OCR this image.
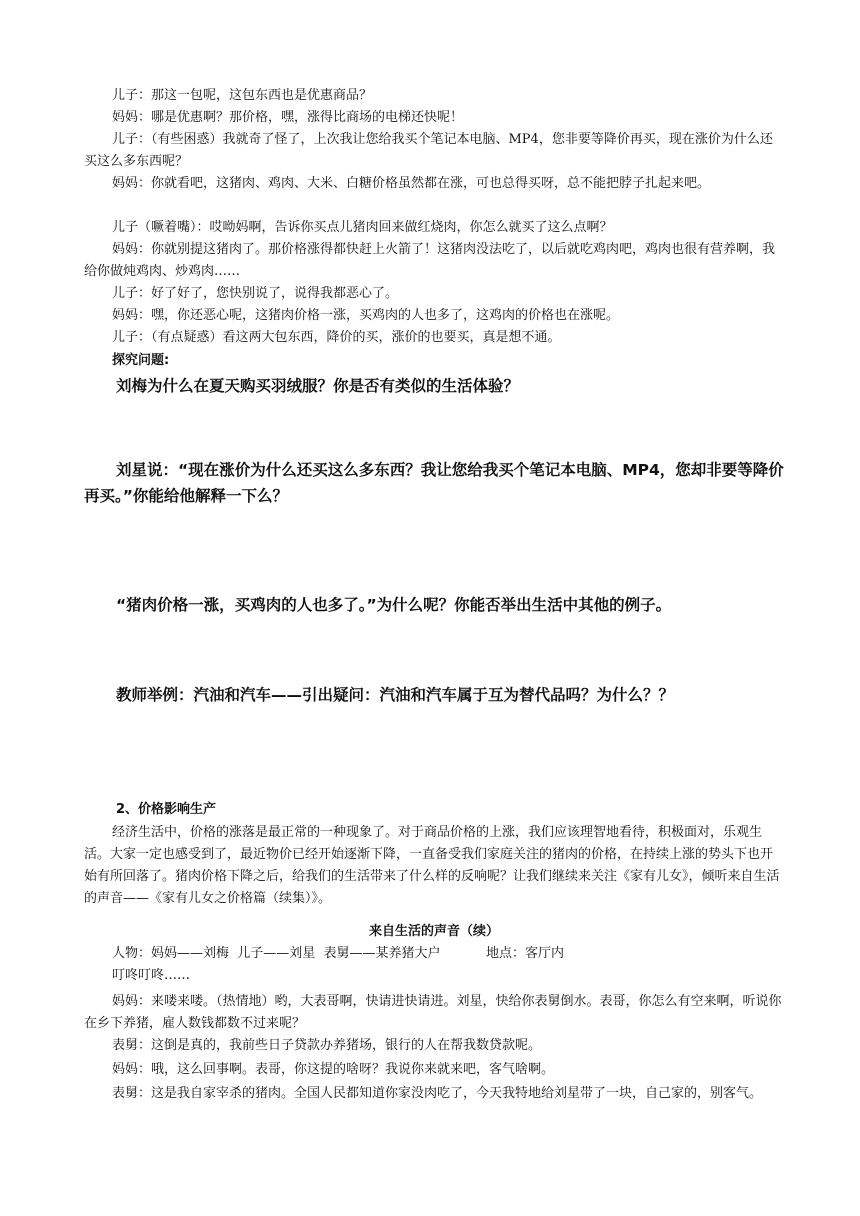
儿子：那这一包呢，这包东西也是优惠商品？

妈妈：哪是优惠啊？那价格，嘿，涨得比商场的电梯还快呢！

儿子：（有些困惑）我就奇了怪了，上次我让您给我买个笔记本电脑、MP4，您非要等降价再买，现在涨价为什么还买这么多东西呢？

妈妈：你就看吧，这猪肉、鸡肉、大米、白糖价格虽然都在涨，可也总得买呀，总不能把脖子扎起来吧。

儿子（噘着嘴）：哎呦妈啊，告诉你买点儿猪肉回来做红烧肉，你怎么就买了这么点啊？

妈妈：你就别提这猪肉了。那价格涨得都快赶上火箭了！这猪肉没法吃了，以后就吃鸡肉吧，鸡肉也很有营养啊，我给你做炖鸡肉、炒鸡肉……

儿子：好了好了，您快别说了，说得我都恶心了。

妈妈：嘿，你还恶心呢，这猪肉价格一涨，买鸡肉的人也多了，这鸡肉的价格也在涨呢。

儿子：（有点疑惑）看这两大包东西，降价的买，涨价的也要买，真是想不通。

探究问题:

刘梅为什么在夏天购买羽绒服？你是否有类似的生活体验？

刘星说：“现在涨价为什么还买这么多东西？我让您给我买个笔记本电脑、MP4，您却非要等降价再买。”你能给他解释一下么？

“猪肉价格一涨，买鸡肉的人也多了。”为什么呢？你能否举出生活中其他的例子。

教师举例：汽油和汽车——引出疑问：汽油和汽车属于互为替代品吗？为什么？？

2、价格影响生产

经济生活中，价格的涨落是最正常的一种现象了。对于商品价格的上涨，我们应该理智地看待，积极面对，乐观生活。大家一定也感受到了，最近物价已经开始逐渐下降，一直备受我们家庭关注的猪肉的价格，在持续上涨的势头下也开始有所回落了。猪肉价格下降之后，给我们的生活带来了什么样的反响呢？让我们继续来关注《家有儿女》，倾听来自生活的声音——《家有儿女之价格篇（续集）》。

来自生活的声音（续）

人物：妈妈——刘梅  儿子——刘星  表舅——某养猪大户           地点：客厅内

叮咚叮咚……

妈妈：来喽来喽。（热情地）哟，大表哥啊，快请进快请进。刘星，快给你表舅倒水。表哥，你怎么有空来啊，听说你在乡下养猪，雇人数钱都数不过来呢？

表舅：这倒是真的，我前些日子贷款办养猪场，银行的人在帮我数贷款呢。

妈妈：哦，这么回事啊。表哥，你这提的啥呀？我说你来就来吧，客气啥啊。

表舅：这是我自家宰杀的猪肉。全国人民都知道你家没肉吃了，今天我特地给刘星带了一块，自己家的，别客气。
